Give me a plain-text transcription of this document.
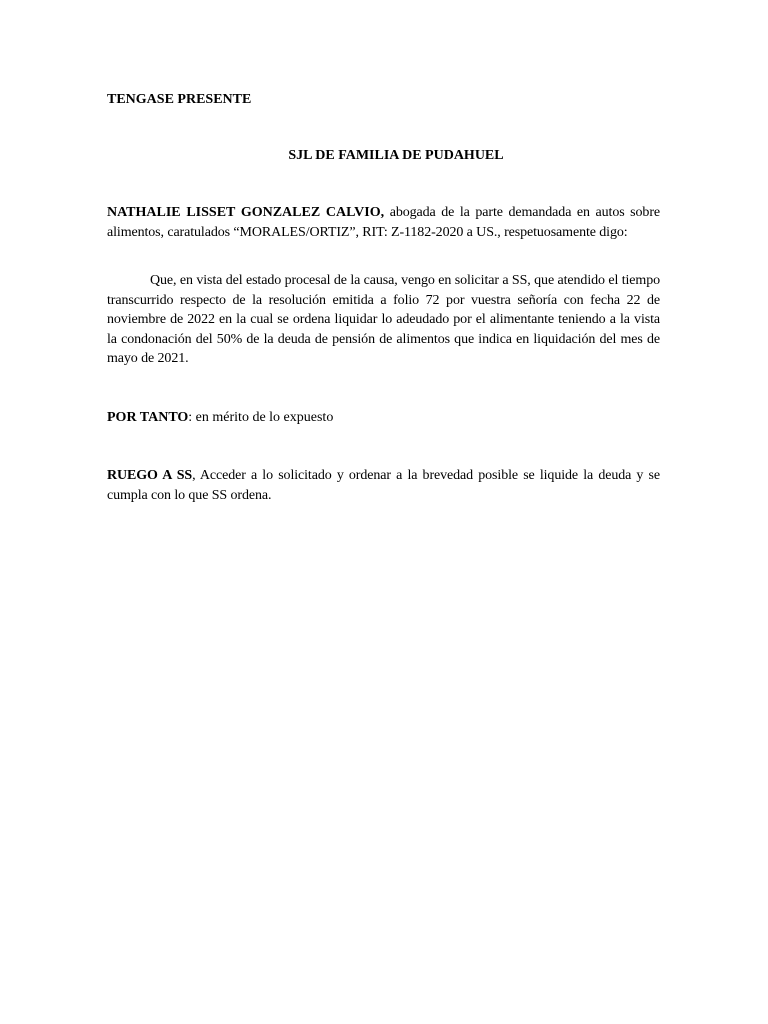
TENGASE PRESENTE

SJL DE FAMILIA DE PUDAHUEL

NATHALIE LISSET GONZALEZ CALVIO, abogada de la parte demandada en autos sobre alimentos, caratulados “MORALES/ORTIZ”, RIT: Z-1182-2020 a US., respetuosamente digo:

Que, en vista del estado procesal de la causa, vengo en solicitar a SS, que atendido el tiempo transcurrido respecto de la resolución emitida a folio 72 por vuestra señoría con fecha 22 de noviembre de 2022 en la cual se ordena liquidar lo adeudado por el alimentante teniendo a la vista la condonación del 50% de la deuda de pensión de alimentos que indica en liquidación del mes de mayo de 2021.

POR TANTO: en mérito de lo expuesto

RUEGO A SS, Acceder a lo solicitado y ordenar a la brevedad posible se liquide la deuda y se cumpla con lo que SS ordena.
